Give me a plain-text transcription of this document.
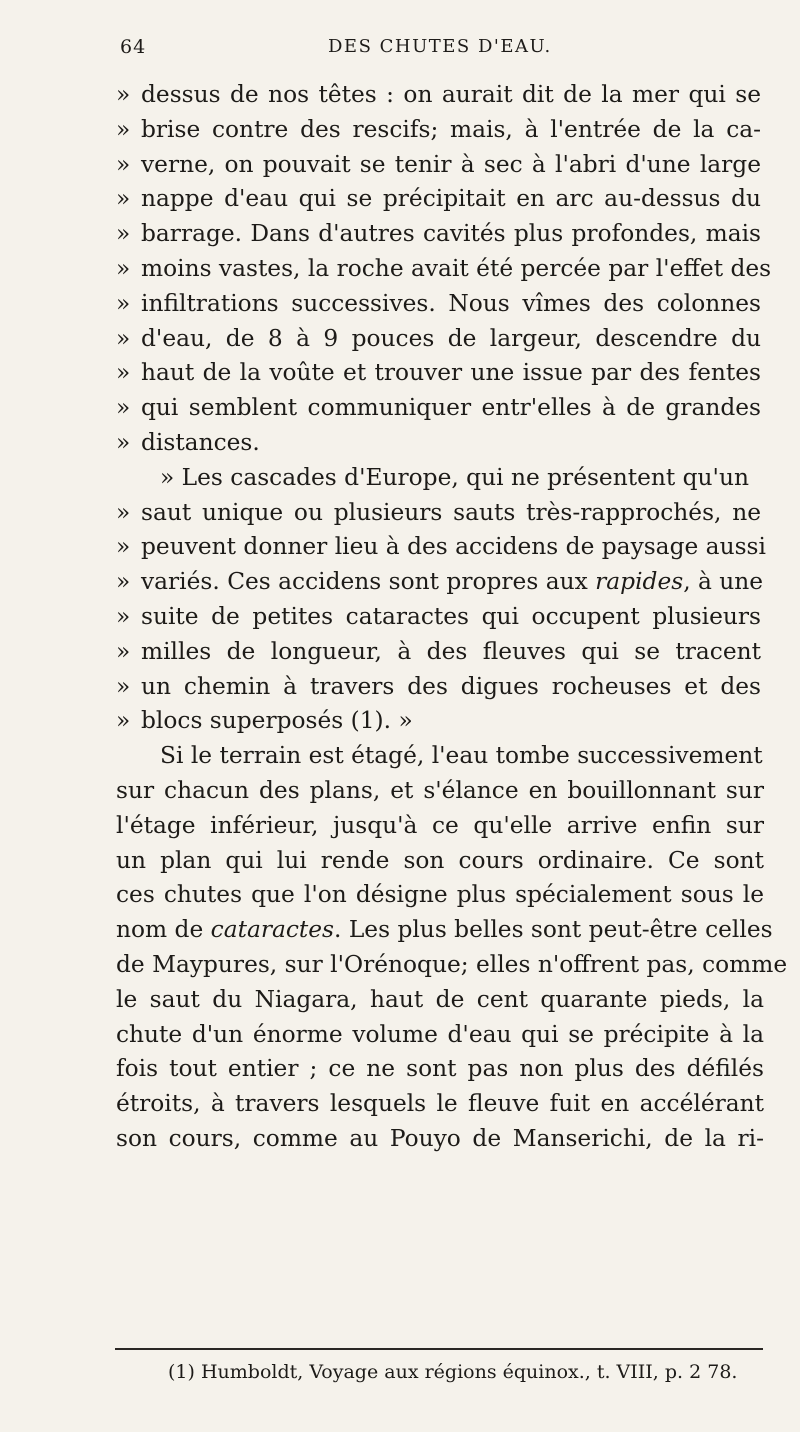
64	DES CHUTES D'EAU.
» dessus de nos têtes : on aurait dit de la mer qui se
» brise contre des rescifs; mais, à l'entrée de la ca-
» verne, on pouvait se tenir à sec à l'abri d'une large
» nappe d'eau qui se précipitait en arc au-dessus du
» barrage. Dans d'autres cavités plus profondes, mais
» moins vastes, la roche avait été percée par l'effet des
» infiltrations successives. Nous vîmes des colonnes
» d'eau, de 8 à 9 pouces de largeur, descendre du
» haut de la voûte et trouver une issue par des fentes
» qui semblent communiquer entr'elles à de grandes
» distances.
» Les cascades d'Europe, qui ne présentent qu'un
» saut unique ou plusieurs sauts très-rapprochés, ne
» peuvent donner lieu à des accidens de paysage aussi
» variés. Ces accidens sont propres aux rapides, à une
» suite de petites cataractes qui occupent plusieurs
» milles de longueur, à des fleuves qui se tracent
» un chemin à travers des digues rocheuses et des
» blocs superposés (1). »
Si le terrain est étagé, l'eau tombe successivement
sur chacun des plans, et s'élance en bouillonnant sur
l'étage inférieur, jusqu'à ce qu'elle arrive enfin sur
un plan qui lui rende son cours ordinaire. Ce sont
ces chutes que l'on désigne plus spécialement sous le
nom de cataractes. Les plus belles sont peut-être celles
de Maypures, sur l'Orénoque; elles n'offrent pas, comme
le saut du Niagara, haut de cent quarante pieds, la
chute d'un énorme volume d'eau qui se précipite à la
fois tout entier ; ce ne sont pas non plus des défilés
étroits, à travers lesquels le fleuve fuit en accélérant
son cours, comme au Pouyo de Manserichi, de la ri-
(1) Humboldt, Voyage aux régions équinox., t. VIII, p. 2 78.
